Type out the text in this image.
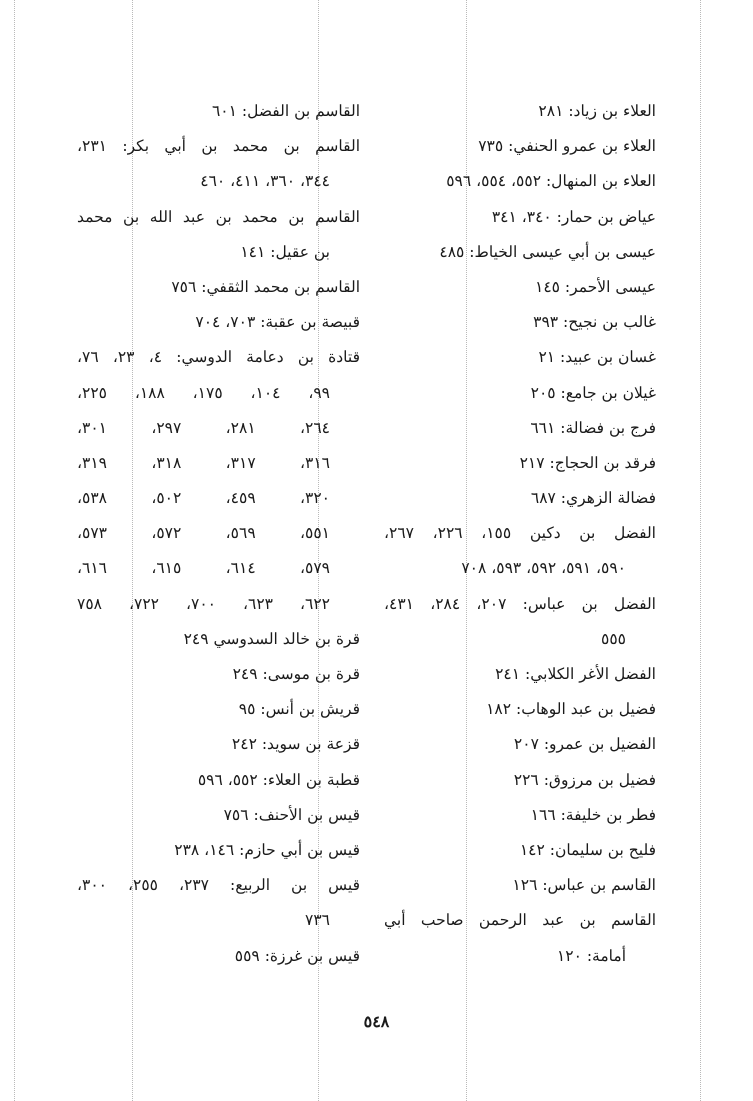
العلاء بن زياد: ٢٨١
العلاء بن عمرو الحنفي: ٧٣٥
العلاء بن المنهال: ٥٥٢، ٥٥٤، ٥٩٦
عياض بن حمار: ٣٤٠، ٣٤١
عيسى بن أبي عيسى الخياط: ٤٨٥
عيسى الأحمر: ١٤٥
غالب بن نجيح: ٣٩٣
غسان بن عبيد: ٢١
غيلان بن جامع: ٢٠٥
فرج بن فضالة: ٦٦١
فرقد بن الحجاج: ٢١٧
فضالة الزهري: ٦٨٧
الفضل بن دكين ١٥٥، ٢٢٦، ٢٦٧،
٥٩٠، ٥٩١، ٥٩٢، ٥٩٣، ٧٠٨
الفضل بن عباس: ٢٠٧، ٢٨٤، ٤٣١،
٥٥٥
الفضل الأغر الكلابي: ٢٤١
فضيل بن عبد الوهاب: ١٨٢
الفضيل بن عمرو: ٢٠٧
فضيل بن مرزوق: ٢٢٦
فطر بن خليفة: ١٦٦
فليح بن سليمان: ١٤٢
القاسم بن عباس: ١٢٦
القاسم بن عبد الرحمن صاحب أبي
أمامة: ١٢٠
القاسم بن الفضل: ٦٠١
القاسم بن محمد بن أبي بكر: ٢٣١،
٣٤٤، ٣٦٠، ٤١١، ٤٦٠
القاسم بن محمد بن عبد الله بن محمد
بن عقيل: ١٤١
القاسم بن محمد الثقفي: ٧٥٦
قبيصة بن عقبة: ٧٠٣، ٧٠٤
قتادة بن دعامة الدوسي: ٤، ٢٣، ٧٦،
٩٩، ١٠٤، ١٧٥، ١٨٨، ٢٢٥،
٢٦٤، ٢٨١، ٢٩٧، ٣٠١،
٣١٦، ٣١٧، ٣١٨، ٣١٩،
٣٢٠، ٤٥٩، ٥٠٢، ٥٣٨،
٥٥١، ٥٦٩، ٥٧٢، ٥٧٣،
٥٧٩، ٦١٤، ٦١٥، ٦١٦،
٦٢٢، ٦٢٣، ٧٠٠، ٧٢٢، ٧٥٨
قرة بن خالد السدوسي ٢٤٩
قرة بن موسى: ٢٤٩
قريش بن أنس: ٩٥
قزعة بن سويد: ٢٤٢
قطبة بن العلاء: ٥٥٢، ٥٩٦
قيس بن الأحنف: ٧٥٦
قيس بن أبي حازم: ١٤٦، ٢٣٨
قيس بن الربيع: ٢٣٧، ٢٥٥، ٣٠٠،
٧٣٦
قيس بن غرزة: ٥٥٩
٥٤٨
